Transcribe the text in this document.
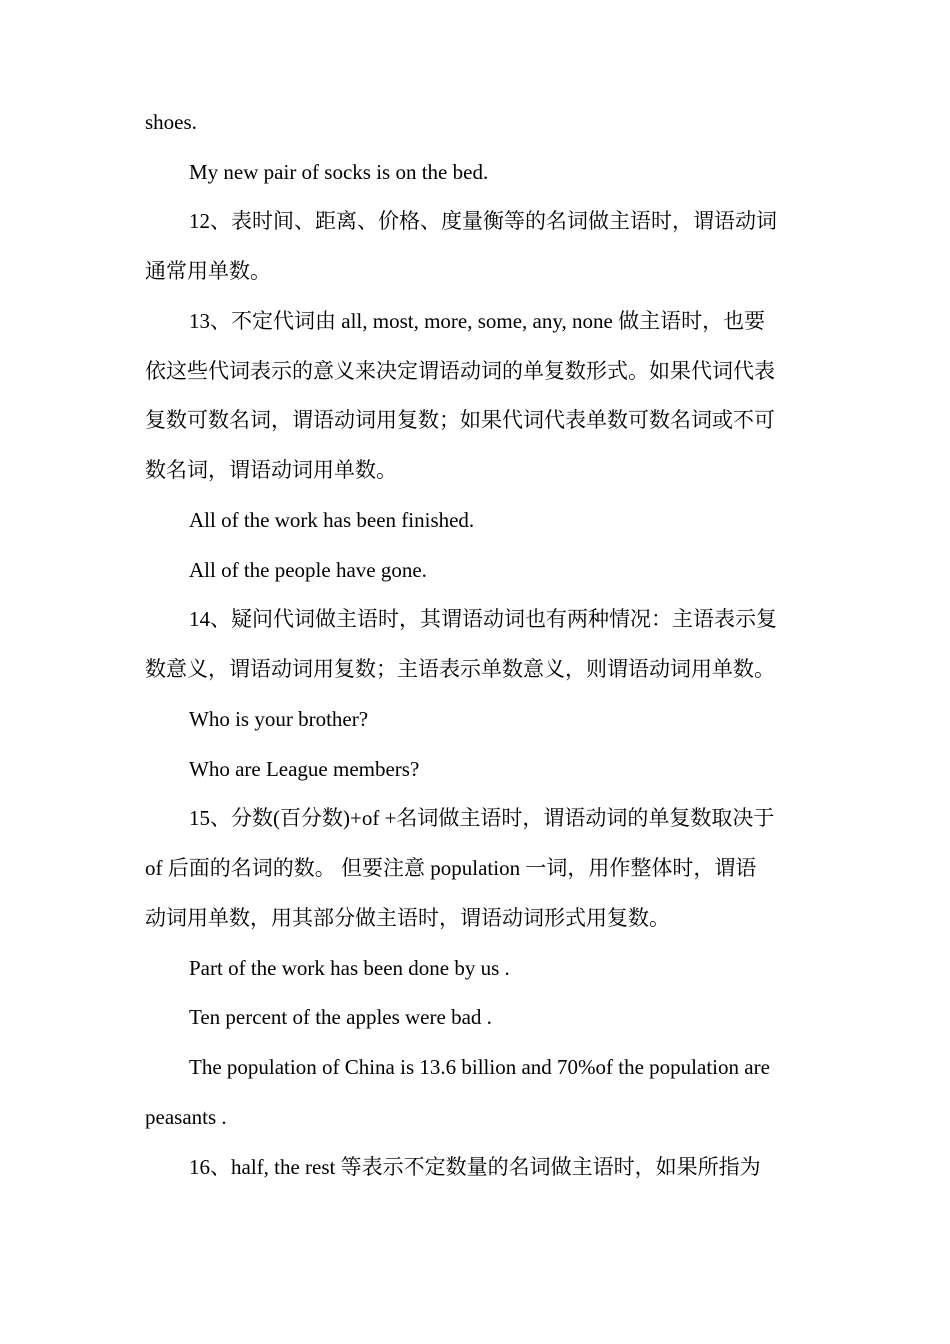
shoes.

My new pair of socks is on the bed.

12、表时间、距离、价格、度量衡等的名词做主语时，谓语动词

通常用单数。

13、不定代词由 all, most, more, some, any, none 做主语时，也要

依这些代词表示的意义来决定谓语动词的单复数形式。如果代词代表

复数可数名词，谓语动词用复数；如果代词代表单数可数名词或不可

数名词，谓语动词用单数。

All of the work has been finished.

All of the people have gone.

14、疑问代词做主语时，其谓语动词也有两种情况：主语表示复

数意义，谓语动词用复数；主语表示单数意义，则谓语动词用单数。

Who is your brother?

Who are League members?

15、分数(百分数)+of +名词做主语时，谓语动词的单复数取决于

of 后面的名词的数。 但要注意 population 一词，用作整体时，谓语

动词用单数，用其部分做主语时，谓语动词形式用复数。

Part of the work has been done by us .

Ten percent of the apples were bad .

The population of China is 13.6 billion and 70%of the population are

peasants .

16、half, the rest 等表示不定数量的名词做主语时，如果所指为
